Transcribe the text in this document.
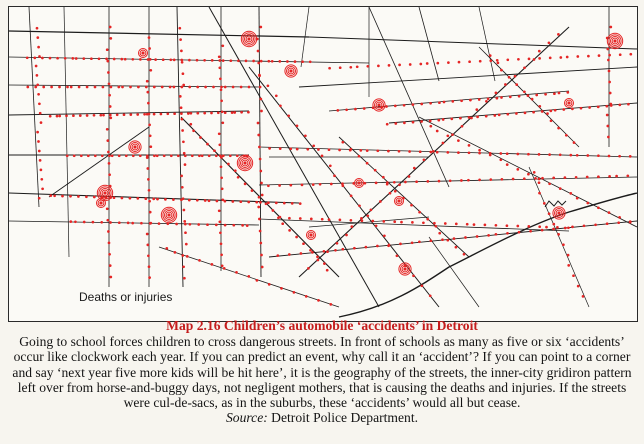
Deaths or injuries
Map 2.16 Children’s automobile ‘accidents’ in Detroit

Going to school forces children to cross dangerous streets. In front of schools as many as five or six ‘accidents’ occur like clockwork each year. If you can predict an event, why call it an ‘accident’? If you can point to a corner and say ‘next year five more kids will be hit here’, it is the geography of the streets, the inner-city gridiron pattern left over from horse-and-buggy days, not negligent mothers, that is causing the deaths and injuries. If the streets were cul-de-sacs, as in the suburbs, these ‘accidents’ would all but cease.

Source: Detroit Police Department.
